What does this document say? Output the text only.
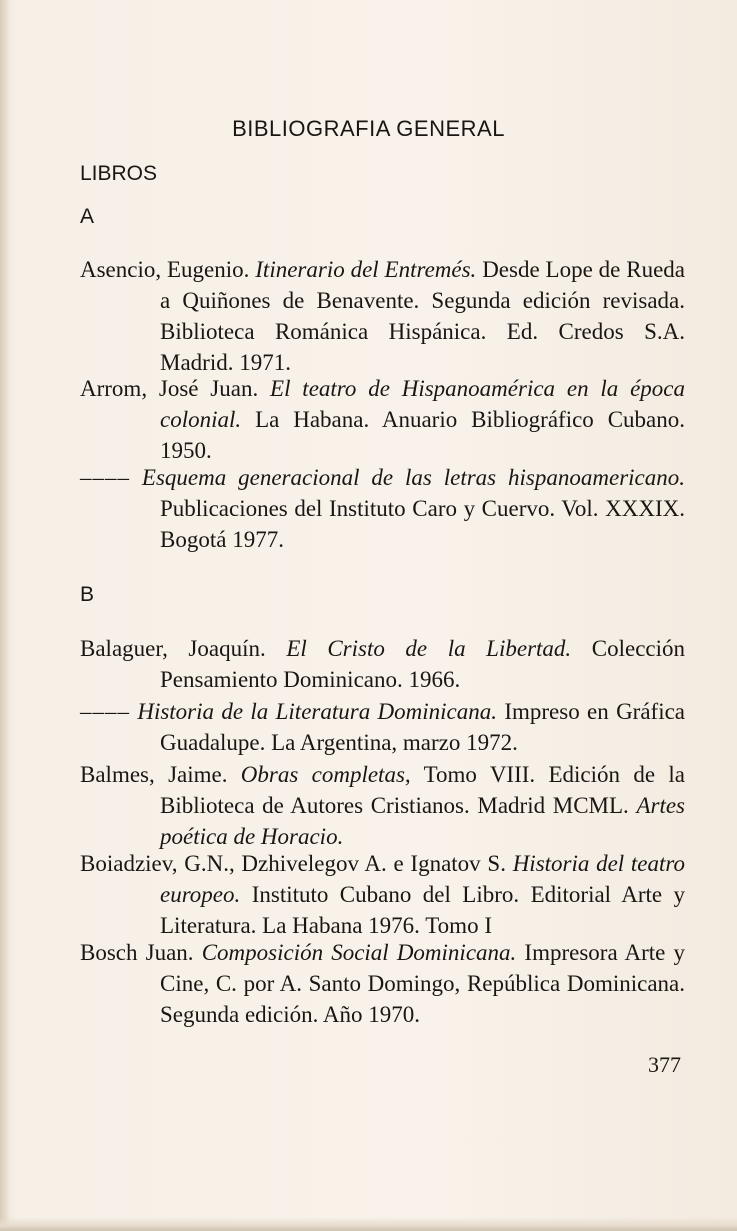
BIBLIOGRAFIA GENERAL
LIBROS
A
Asencio, Eugenio. Itinerario del Entremés. Desde Lope de Rueda a Quiñones de Benavente. Segunda edición revisada. Biblioteca Románica Hispánica. Ed. Credos S.A. Madrid. 1971.
Arrom, José Juan. El teatro de Hispanoamérica en la época colonial. La Habana. Anuario Bibliográfico Cubano. 1950.
–––– Esquema generacional de las letras hispanoamericano. Publicaciones del Instituto Caro y Cuervo. Vol. XXXIX. Bogotá 1977.
B
Balaguer, Joaquín. El Cristo de la Libertad. Colección Pensamiento Dominicano. 1966.
–––– Historia de la Literatura Dominicana. Impreso en Gráfica Guadalupe. La Argentina, marzo 1972.
Balmes, Jaime. Obras completas, Tomo VIII. Edición de la Biblioteca de Autores Cristianos. Madrid MCML. Artes poética de Horacio.
Boiadziev, G.N., Dzhivelegov A. e Ignatov S. Historia del teatro europeo. Instituto Cubano del Libro. Editorial Arte y Literatura. La Habana 1976. Tomo I
Bosch Juan. Composición Social Dominicana. Impresora Arte y Cine, C. por A. Santo Domingo, República Dominicana. Segunda edición. Año 1970.
377
